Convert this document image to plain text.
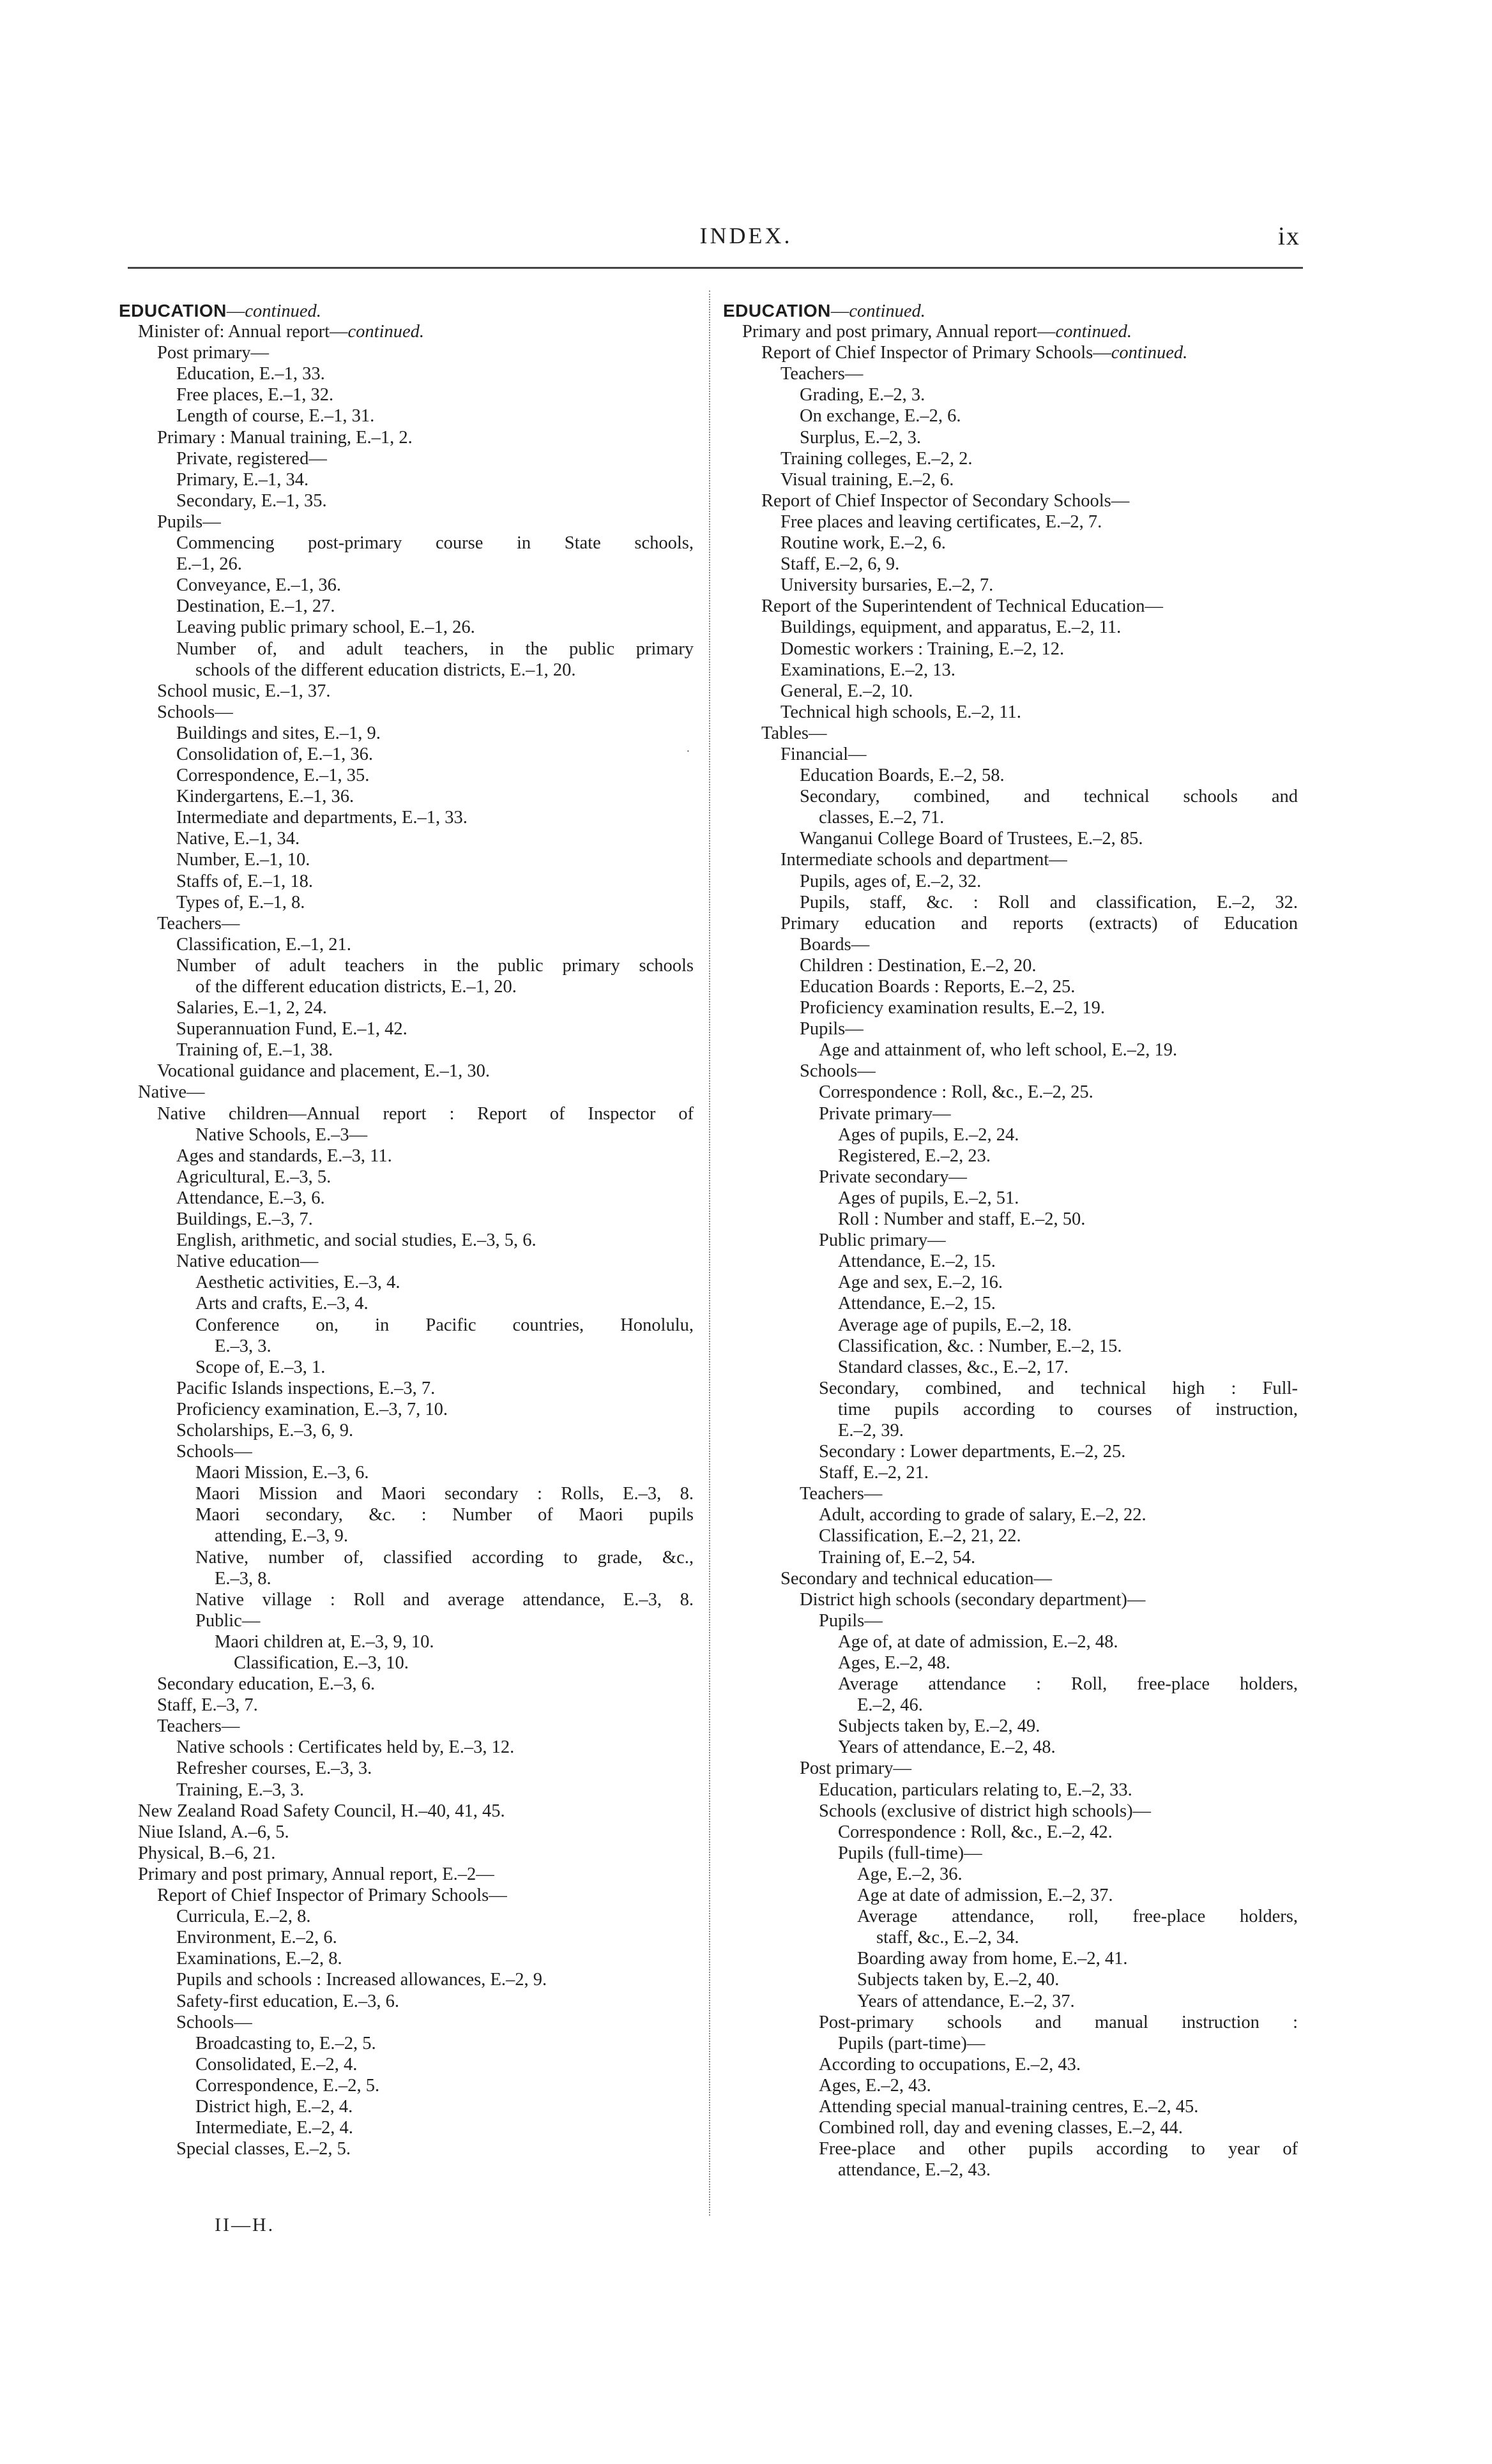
INDEX.	ix
·
EDUCATION—continued.
Minister of: Annual report—continued.
Post primary—
Education, E.–1, 33.
Free places, E.–1, 32.
Length of course, E.–1, 31.
Primary : Manual training, E.–1, 2.
Private, registered—
Primary, E.–1, 34.
Secondary, E.–1, 35.
Pupils—
Commencing post-primary course in State schools,
E.–1, 26.
Conveyance, E.–1, 36.
Destination, E.–1, 27.
Leaving public primary school, E.–1, 26.
Number of, and adult teachers, in the public primary
schools of the different education districts, E.–1, 20.
School music, E.–1, 37.
Schools—
Buildings and sites, E.–1, 9.
Consolidation of, E.–1, 36.
Correspondence, E.–1, 35.
Kindergartens, E.–1, 36.
Intermediate and departments, E.–1, 33.
Native, E.–1, 34.
Number, E.–1, 10.
Staffs of, E.–1, 18.
Types of, E.–1, 8.
Teachers—
Classification, E.–1, 21.
Number of adult teachers in the public primary schools
of the different education districts, E.–1, 20.
Salaries, E.–1, 2, 24.
Superannuation Fund, E.–1, 42.
Training of, E.–1, 38.
Vocational guidance and placement, E.–1, 30.
Native—
Native children—Annual report : Report of Inspector of
Native Schools, E.–3—
Ages and standards, E.–3, 11.
Agricultural, E.–3, 5.
Attendance, E.–3, 6.
Buildings, E.–3, 7.
English, arithmetic, and social studies, E.–3, 5, 6.
Native education—
Aesthetic activities, E.–3, 4.
Arts and crafts, E.–3, 4.
Conference on, in Pacific countries, Honolulu,
E.–3, 3.
Scope of, E.–3, 1.
Pacific Islands inspections, E.–3, 7.
Proficiency examination, E.–3, 7, 10.
Scholarships, E.–3, 6, 9.
Schools—
Maori Mission, E.–3, 6.
Maori Mission and Maori secondary : Rolls, E.–3, 8.
Maori secondary, &c. : Number of Maori pupils
attending, E.–3, 9.
Native, number of, classified according to grade, &c.,
E.–3, 8.
Native village : Roll and average attendance, E.–3, 8.
Public—
Maori children at, E.–3, 9, 10.
Classification, E.–3, 10.
Secondary education, E.–3, 6.
Staff, E.–3, 7.
Teachers—
Native schools : Certificates held by, E.–3, 12.
Refresher courses, E.–3, 3.
Training, E.–3, 3.
New Zealand Road Safety Council, H.–40, 41, 45.
Niue Island, A.–6, 5.
Physical, B.–6, 21.
Primary and post primary, Annual report, E.–2—
Report of Chief Inspector of Primary Schools—
Curricula, E.–2, 8.
Environment, E.–2, 6.
Examinations, E.–2, 8.
Pupils and schools : Increased allowances, E.–2, 9.
Safety-first education, E.–3, 6.
Schools—
Broadcasting to, E.–2, 5.
Consolidated, E.–2, 4.
Correspondence, E.–2, 5.
District high, E.–2, 4.
Intermediate, E.–2, 4.
Special classes, E.–2, 5.
EDUCATION—continued.
Primary and post primary, Annual report—continued.
Report of Chief Inspector of Primary Schools—continued.
Teachers—
Grading, E.–2, 3.
On exchange, E.–2, 6.
Surplus, E.–2, 3.
Training colleges, E.–2, 2.
Visual training, E.–2, 6.
Report of Chief Inspector of Secondary Schools—
Free places and leaving certificates, E.–2, 7.
Routine work, E.–2, 6.
Staff, E.–2, 6, 9.
University bursaries, E.–2, 7.
Report of the Superintendent of Technical Education—
Buildings, equipment, and apparatus, E.–2, 11.
Domestic workers : Training, E.–2, 12.
Examinations, E.–2, 13.
General, E.–2, 10.
Technical high schools, E.–2, 11.
Tables—
Financial—
Education Boards, E.–2, 58.
Secondary, combined, and technical schools and
classes, E.–2, 71.
Wanganui College Board of Trustees, E.–2, 85.
Intermediate schools and department—
Pupils, ages of, E.–2, 32.
Pupils, staff, &c. : Roll and classification, E.–2, 32.
Primary education and reports (extracts) of Education
Boards—
Children : Destination, E.–2, 20.
Education Boards : Reports, E.–2, 25.
Proficiency examination results, E.–2, 19.
Pupils—
Age and attainment of, who left school, E.–2, 19.
Schools—
Correspondence : Roll, &c., E.–2, 25.
Private primary—
Ages of pupils, E.–2, 24.
Registered, E.–2, 23.
Private secondary—
Ages of pupils, E.–2, 51.
Roll : Number and staff, E.–2, 50.
Public primary—
Attendance, E.–2, 15.
Age and sex, E.–2, 16.
Attendance, E.–2, 15.
Average age of pupils, E.–2, 18.
Classification, &c. : Number, E.–2, 15.
Standard classes, &c., E.–2, 17.
Secondary, combined, and technical high : Full-
time pupils according to courses of instruction,
E.–2, 39.
Secondary : Lower departments, E.–2, 25.
Staff, E.–2, 21.
Teachers—
Adult, according to grade of salary, E.–2, 22.
Classification, E.–2, 21, 22.
Training of, E.–2, 54.
Secondary and technical education—
District high schools (secondary department)—
Pupils—
Age of, at date of admission, E.–2, 48.
Ages, E.–2, 48.
Average attendance : Roll, free-place holders,
E.–2, 46.
Subjects taken by, E.–2, 49.
Years of attendance, E.–2, 48.
Post primary—
Education, particulars relating to, E.–2, 33.
Schools (exclusive of district high schools)—
Correspondence : Roll, &c., E.–2, 42.
Pupils (full-time)—
Age, E.–2, 36.
Age at date of admission, E.–2, 37.
Average attendance, roll, free-place holders,
staff, &c., E.–2, 34.
Boarding away from home, E.–2, 41.
Subjects taken by, E.–2, 40.
Years of attendance, E.–2, 37.
Post-primary schools and manual instruction :
Pupils (part-time)—
According to occupations, E.–2, 43.
Ages, E.–2, 43.
Attending special manual-training centres, E.–2, 45.
Combined roll, day and evening classes, E.–2, 44.
Free-place and other pupils according to year of
attendance, E.–2, 43.
II—H.
